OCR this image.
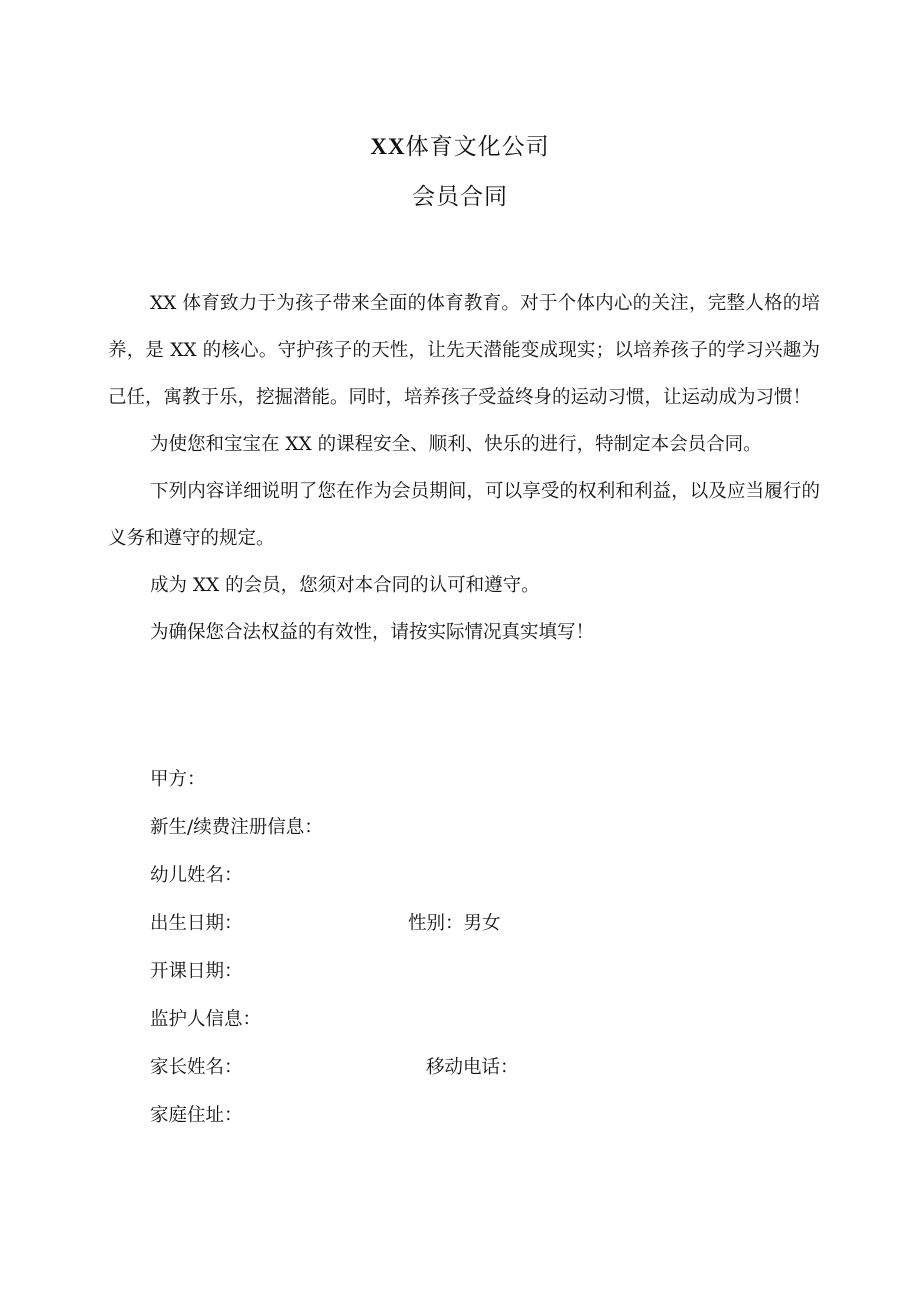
XX体育文化公司
会员合同

XX 体育致力于为孩子带来全面的体育教育。对于个体内心的关注，完整人格的培养，是 XX 的核心。守护孩子的天性，让先天潜能变成现实；以培养孩子的学习兴趣为己任，寓教于乐，挖掘潜能。同时，培养孩子受益终身的运动习惯，让运动成为习惯！

为使您和宝宝在 XX 的课程安全、顺利、快乐的进行，特制定本会员合同。

下列内容详细说明了您在作为会员期间，可以享受的权利和利益，以及应当履行的义务和遵守的规定。

成为 XX 的会员，您须对本合同的认可和遵守。

为确保您合法权益的有效性，请按实际情况真实填写！

甲方：
新生/续费注册信息：
幼儿姓名：
出生日期：	性别：男女
开课日期：
监护人信息：
家长姓名：	移动电话：
家庭住址：
